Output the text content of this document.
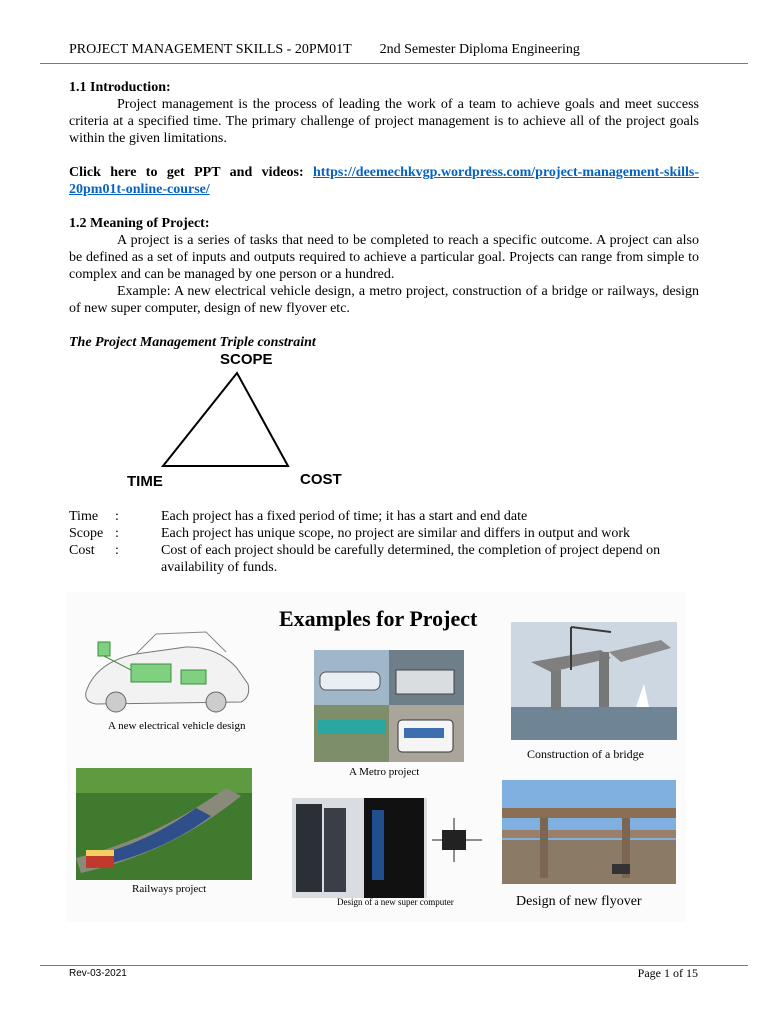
PROJECT MANAGEMENT SKILLS - 20PM01T 2nd Semester Diploma Engineering
1.1 Introduction:

Project management is the process of leading the work of a team to achieve goals and meet success criteria at a specified time. The primary challenge of project management is to achieve all of the project goals within the given limitations.

Click here to get PPT and videos: https://deemechkvgp.wordpress.com/project-management-skills-20pm01t-online-course/

1.2 Meaning of Project:

A project is a series of tasks that need to be completed to reach a specific outcome. A project can also be defined as a set of inputs and outputs required to achieve a particular goal. Projects can range from simple to complex and can be managed by one person or a hundred.

Example: A new electrical vehicle design, a metro project, construction of a bridge or railways, design of new super computer, design of new flyover etc.

The Project Management Triple constraint

SCOPE
TIME	COST
Time	:	Each project has a fixed period of time; it has a start and end date
Scope :	Each project has unique scope, no project are similar and differs in output and work
Cost	:	Cost of each project should be carefully determined, the completion of project depend on availability of funds.
Examples for Project
A new electrical vehicle design
A Metro project
Construction of a bridge
Railways project
Design of a new super computer	Design of new flyover
Rev-03-2021	Page 1 of 15
